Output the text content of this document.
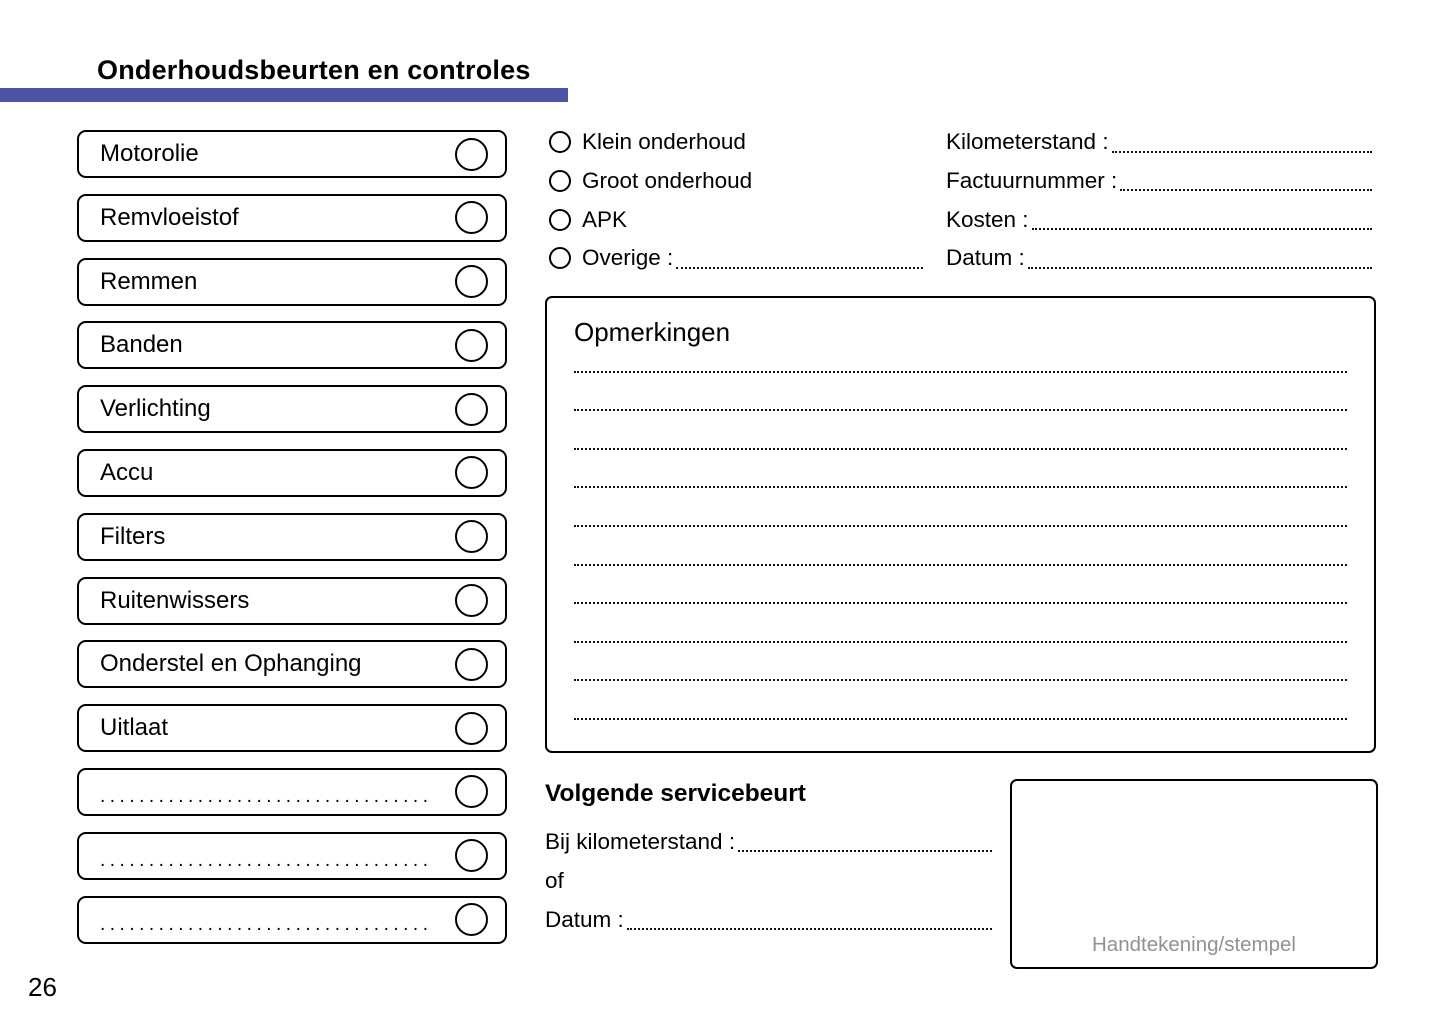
Onderhoudsbeurten en controles
Motorolie
Remvloeistof
Remmen
Banden
Verlichting
Accu
Filters
Ruitenwissers
Onderstel en Ophanging
Uitlaat
..................................
..................................
..................................
Klein onderhoud
Groot onderhoud
APK
Overige :
Kilometerstand :
Factuurnummer :
Kosten :
Datum :
Opmerkingen
Volgende servicebeurt
Bij kilometerstand :
of
Datum :
Handtekening/stempel
26
